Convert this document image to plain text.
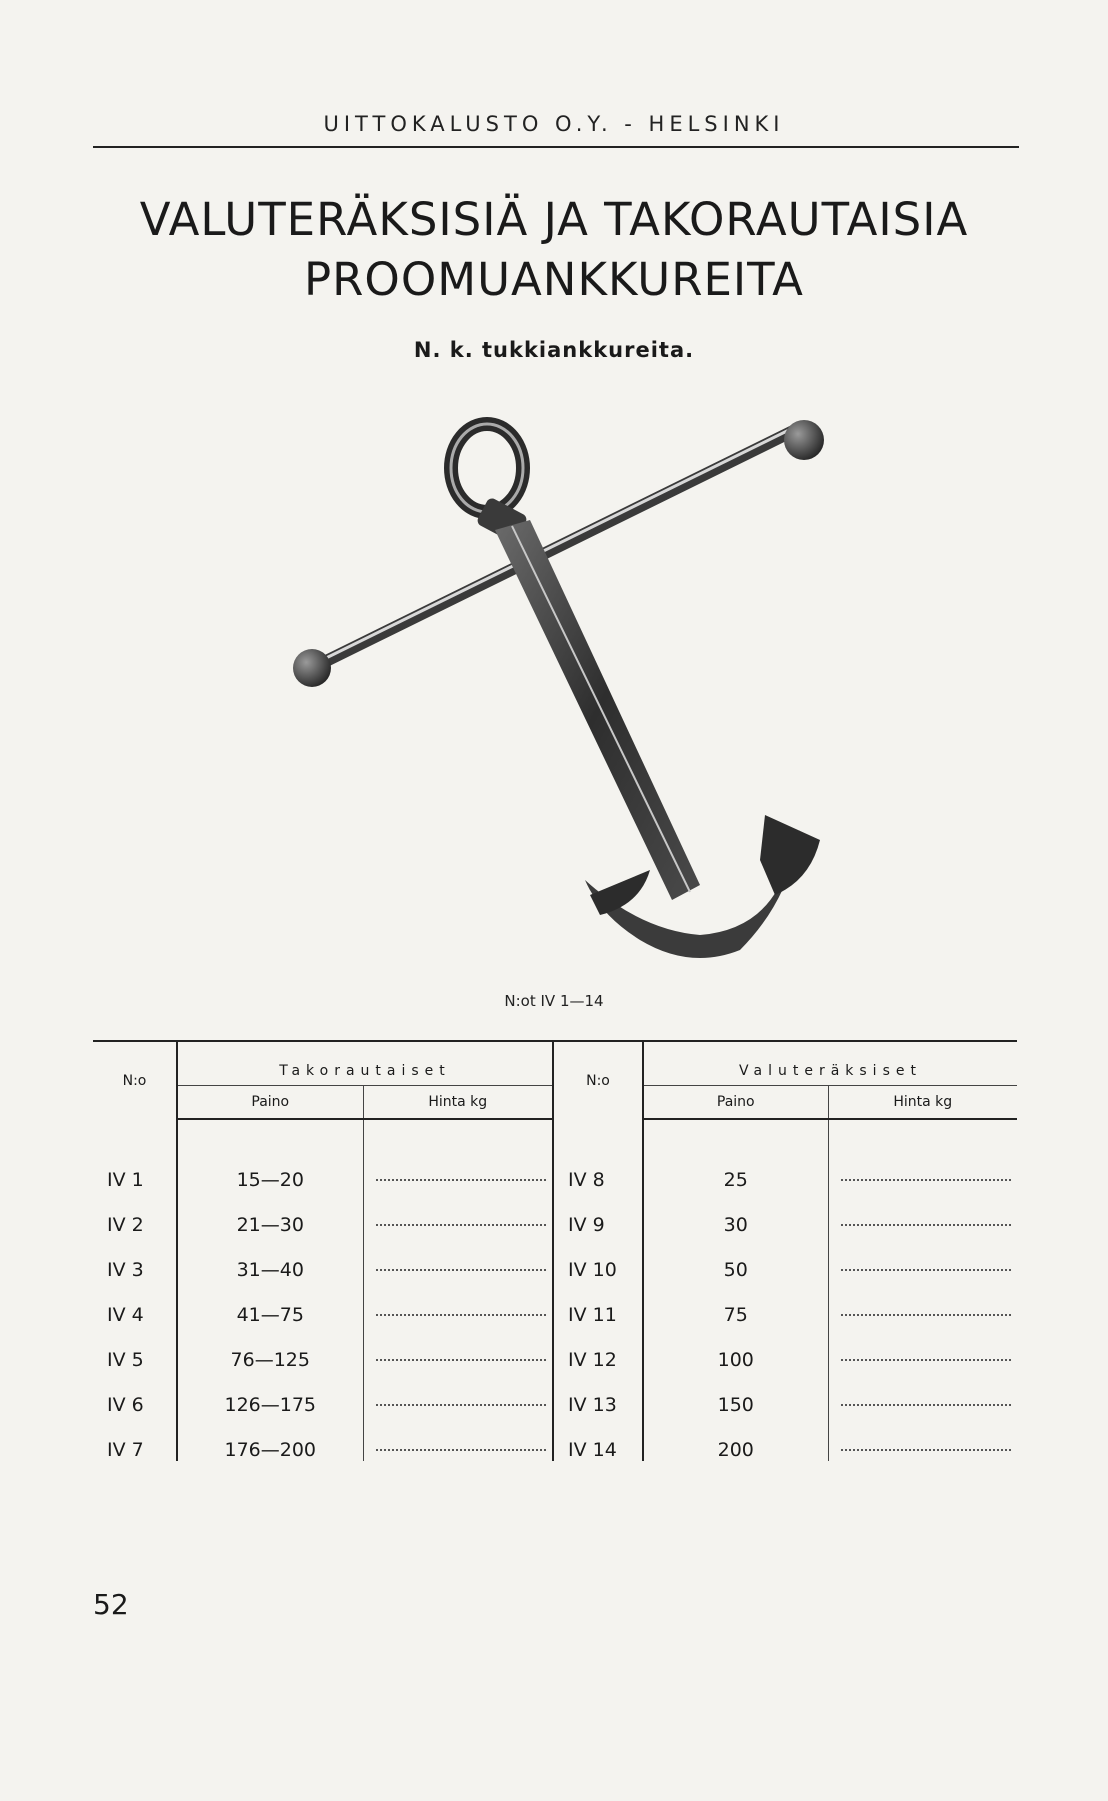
UITTOKALUSTO O.Y. - HELSINKI
VALUTERÄKSISIÄ JA TAKORAUTAISIA
PROOMUANKKUREITA
N. k. tukkiankkureita.
N:ot IV 1—14
N:o	Takorautaiset		N:o	Valuteräksiset	
	Paino	Hinta kg		Paino	Hinta kg

IV 1	15—20		IV 8	25	

IV 2	21—30		IV 9	30	

IV 3	31—40		IV 10	50	

IV 4	41—75		IV 11	75	

IV 5	76—125		IV 12	100	

IV 6	126—175		IV 13	150	

IV 7	176—200		IV 14	200	
52
